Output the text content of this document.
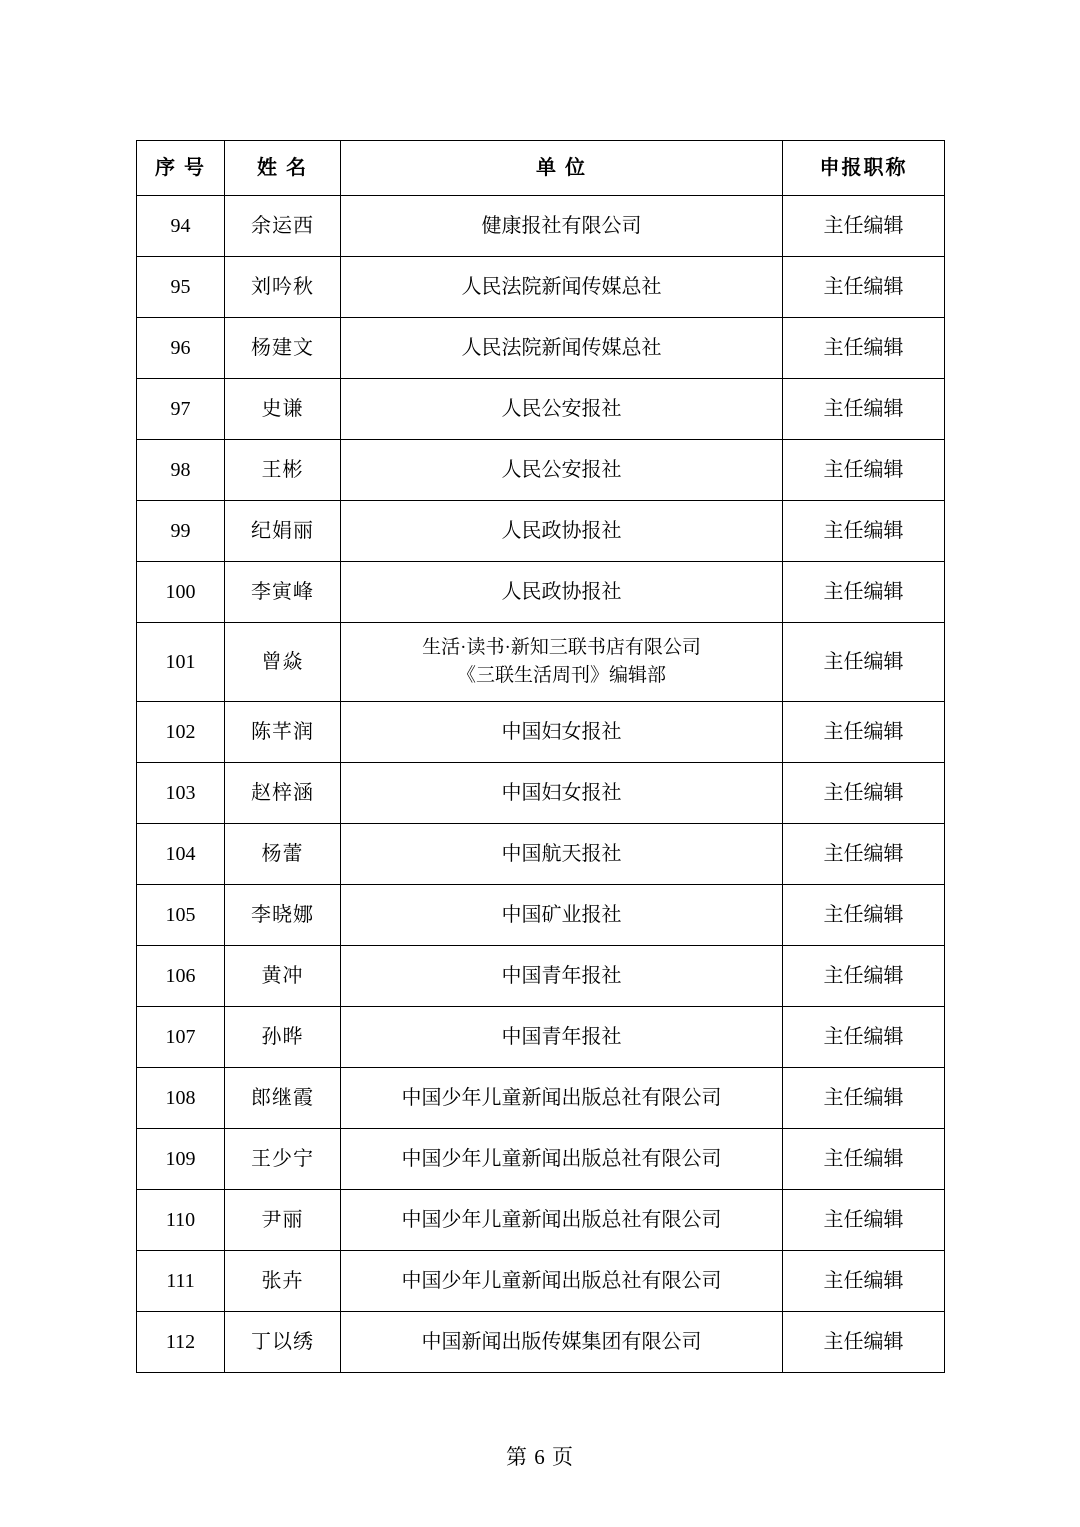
序 号	姓 名	单 位	申报职称
94	余运西	健康报社有限公司	主任编辑
95	刘吟秋	人民法院新闻传媒总社	主任编辑
96	杨建文	人民法院新闻传媒总社	主任编辑
97	史谦	人民公安报社	主任编辑
98	王彬	人民公安报社	主任编辑
99	纪娟丽	人民政协报社	主任编辑
100	李寅峰	人民政协报社	主任编辑
101	曾焱	生活·读书·新知三联书店有限公司
《三联生活周刊》编辑部	主任编辑
102	陈芊润	中国妇女报社	主任编辑
103	赵梓涵	中国妇女报社	主任编辑
104	杨蕾	中国航天报社	主任编辑
105	李晓娜	中国矿业报社	主任编辑
106	黄冲	中国青年报社	主任编辑
107	孙晔	中国青年报社	主任编辑
108	郎继霞	中国少年儿童新闻出版总社有限公司	主任编辑
109	王少宁	中国少年儿童新闻出版总社有限公司	主任编辑
110	尹丽	中国少年儿童新闻出版总社有限公司	主任编辑
111	张卉	中国少年儿童新闻出版总社有限公司	主任编辑
112	丁以绣	中国新闻出版传媒集团有限公司	主任编辑
第 6 页
